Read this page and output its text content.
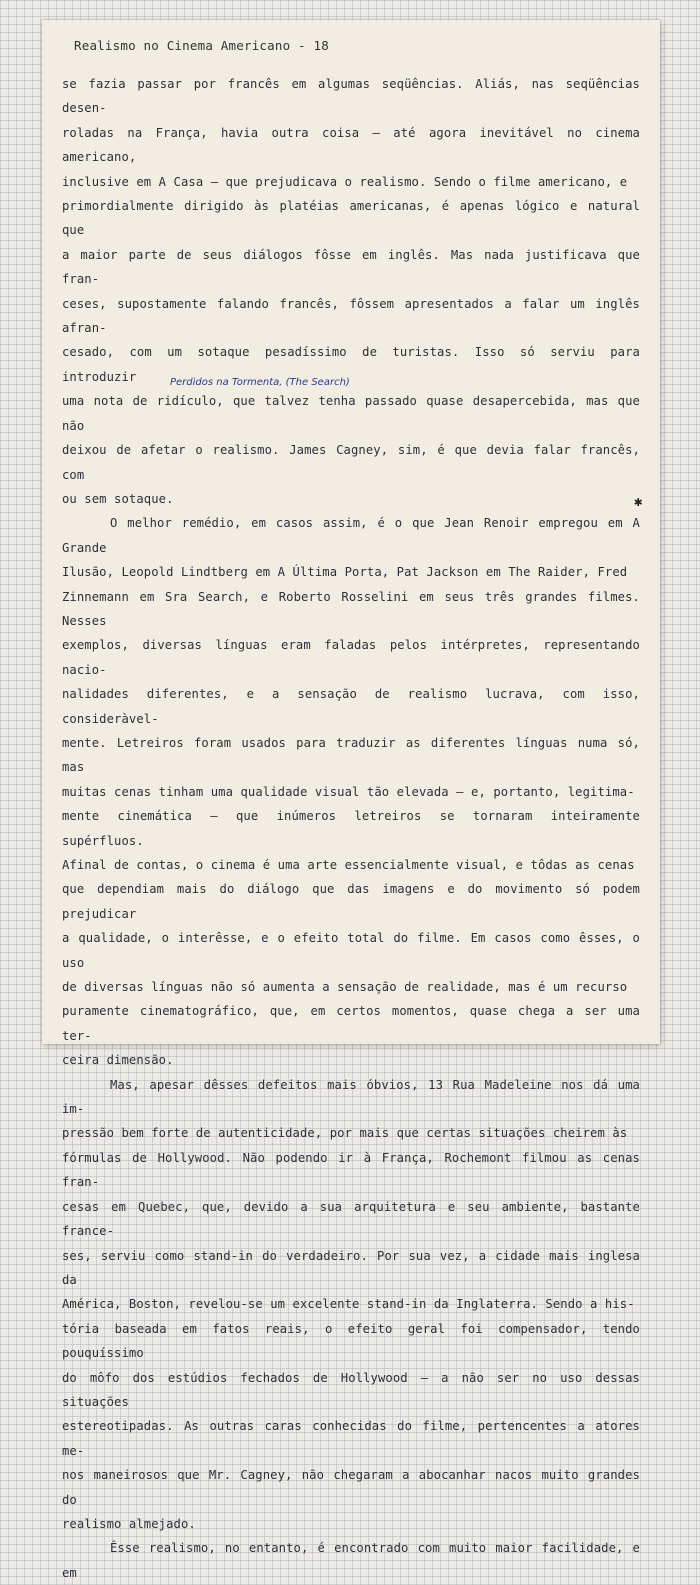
Realismo no Cinema Americano - 18
Perdidos na Tormenta, (The Search)
✱

se fazia passar por francês em algumas seqüências. Aliás, nas seqüências desen-
roladas na França, havia outra coisa — até agora inevitável no cinema americano,
inclusive em A Casa — que prejudicava o realismo. Sendo o filme americano, e
primordialmente dirigido às platéias americanas, é apenas lógico e natural que
a maior parte de seus diálogos fôsse em inglês. Mas nada justificava que fran-
ceses, supostamente falando francês, fôssem apresentados a falar um inglês afran-
cesado, com um sotaque pesadíssimo de turistas. Isso só serviu para introduzir
uma nota de ridículo, que talvez tenha passado quase desapercebida, mas que não
deixou de afetar o realismo. James Cagney, sim, é que devia falar francês, com
ou sem sotaque.

O melhor remédio, em casos assim, é o que Jean Renoir empregou em A Grande
Ilusão, Leopold Lindtberg em A Última Porta, Pat Jackson em The Raider, Fred
Zinnemann em Sra Search, e Roberto Rosselini em seus três grandes filmes. Nesses
exemplos, diversas línguas eram faladas pelos intérpretes, representando nacio-
nalidades diferentes, e a sensação de realismo lucrava, com isso, consideràvel-
mente. Letreiros foram usados para traduzir as diferentes línguas numa só, mas
muitas cenas tinham uma qualidade visual tão elevada — e, portanto, legitima-
mente cinemática — que inúmeros letreiros se tornaram inteiramente supérfluos.
Afinal de contas, o cinema é uma arte essencialmente visual, e tôdas as cenas
que dependiam mais do diálogo que das imagens e do movimento só podem prejudicar
a qualidade, o interêsse, e o efeito total do filme. Em casos como êsses, o uso
de diversas línguas não só aumenta a sensação de realidade, mas é um recurso
puramente cinematográfico, que, em certos momentos, quase chega a ser uma ter-
ceira dimensão.

Mas, apesar dêsses defeitos mais óbvios, 13 Rua Madeleine nos dá uma im-
pressão bem forte de autenticidade, por mais que certas situações cheirem às
fórmulas de Hollywood. Não podendo ir à França, Rochemont filmou as cenas fran-
cesas em Quebec, que, devido a sua arquitetura e seu ambiente, bastante france-
ses, serviu como stand-in do verdadeiro. Por sua vez, a cidade mais inglesa da
América, Boston, revelou-se um excelente stand-in da Inglaterra. Sendo a his-
tória baseada em fatos reais, o efeito geral foi compensador, tendo pouquíssimo
do môfo dos estúdios fechados de Hollywood — a não ser no uso dessas situações
estereotipadas. As outras caras conhecidas do filme, pertencentes a atores me-
nos maneirosos que Mr. Cagney, não chegaram a abocanhar nacos muito grandes do
realismo almejado.

Êsse realismo, no entanto, é encontrado com muito maior facilidade, e em
